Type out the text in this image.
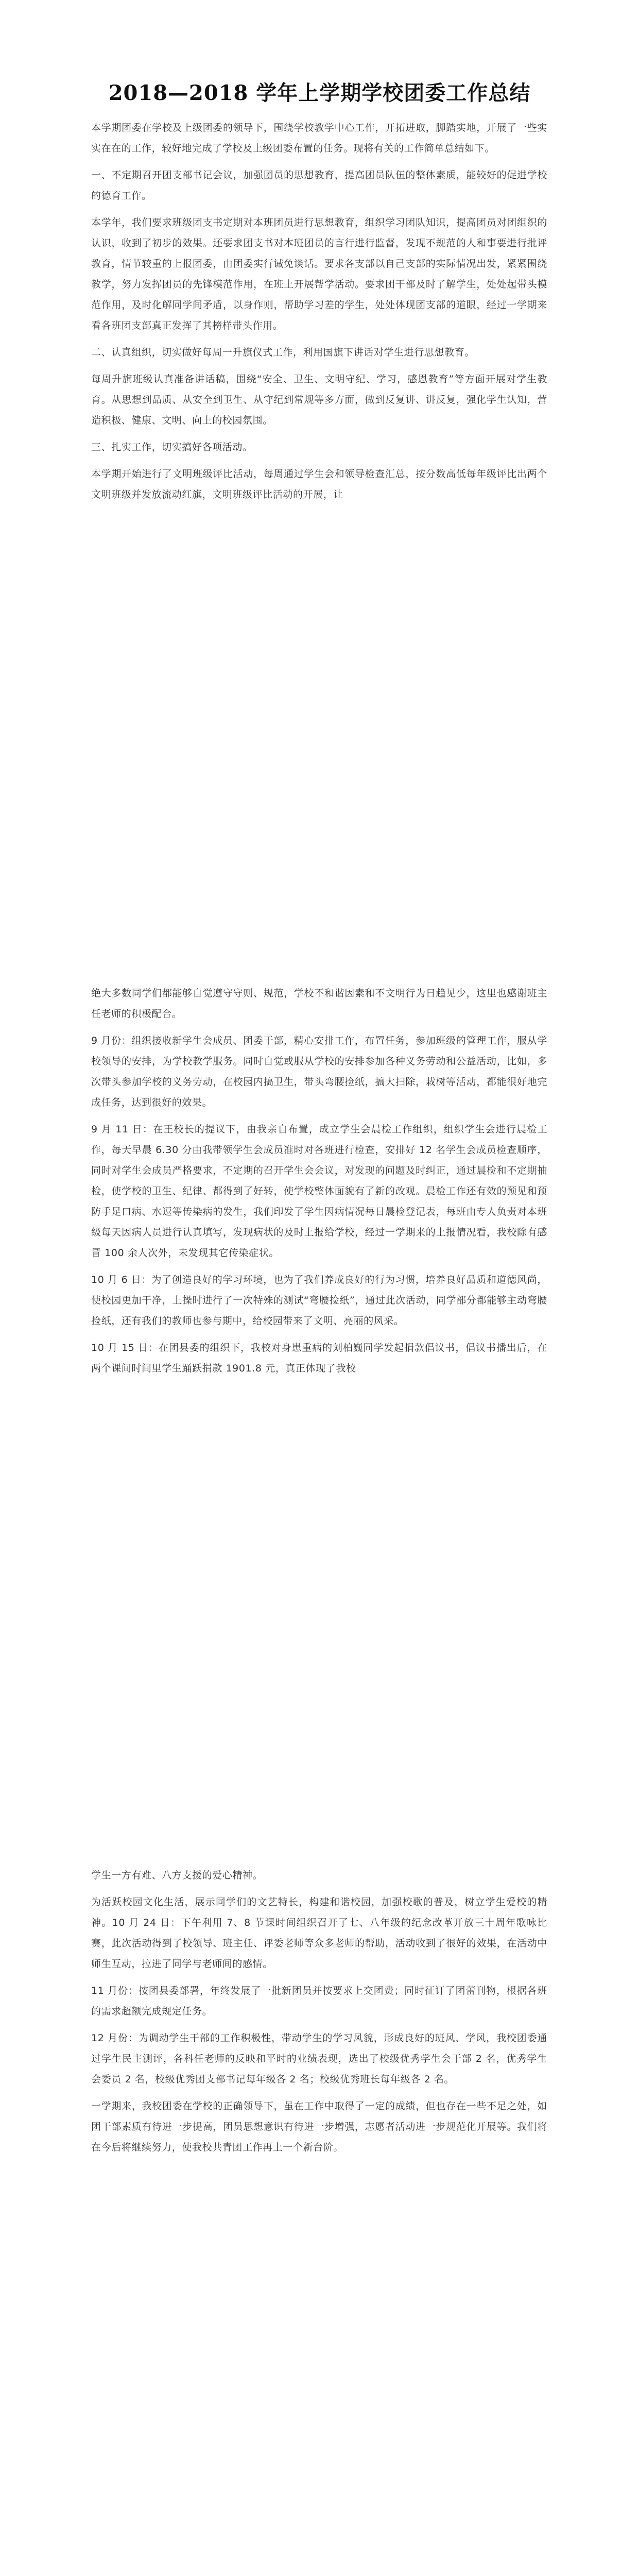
2018—2018 学年上学期学校团委工作总结

本学期团委在学校及上级团委的领导下，围绕学校教学中心工作，开拓进取，脚踏实地，开展了一些实实在在的工作，较好地完成了学校及上级团委布置的任务。现将有关的工作简单总结如下。

一、不定期召开团支部书记会议，加强团员的思想教育，提高团员队伍的整体素质，能较好的促进学校的德育工作。

本学年，我们要求班级团支书定期对本班团员进行思想教育，组织学习团队知识，提高团员对团组织的认识，收到了初步的效果。还要求团支书对本班团员的言行进行监督，发现不规范的人和事要进行批评教育，情节较重的上报团委，由团委实行诫免谈话。要求各支部以自己支部的实际情况出发，紧紧围绕教学，努力发挥团员的先锋模范作用，在班上开展帮学活动。要求团干部及时了解学生，处处起带头模范作用，及时化解同学间矛盾，以身作则，帮助学习差的学生，处处体现团支部的道眼，经过一学期来看各班团支部真正发挥了其榜样带头作用。

二、认真组织，切实做好每周一升旗仪式工作，利用国旗下讲话对学生进行思想教育。

每周升旗班级认真准备讲话稿，围绕“安全、卫生、文明守纪、学习，感恩教育”等方面开展对学生教育。从思想到品质、从安全到卫生、从守纪到常规等多方面，做到反复讲、讲反复，强化学生认知，营造积极、健康、文明、向上的校园氛围。

三、扎实工作，切实搞好各项活动。

本学期开始进行了文明班级评比活动，每周通过学生会和领导检查汇总，按分数高低每年级评比出两个文明班级并发放流动红旗，文明班级评比活动的开展，让

绝大多数同学们都能够自觉遵守守则、规范，学校不和谐因素和不文明行为日趋见少，这里也感谢班主任老师的积极配合。

9 月份：组织接收新学生会成员、团委干部，精心安排工作，布置任务，参加班级的管理工作，服从学校领导的安排，为学校教学服务。同时自觉或服从学校的安排参加各种义务劳动和公益活动，比如，多次带头参加学校的义务劳动，在校园内搞卫生，带头弯腰捡纸，搞大扫除，栽树等活动，都能很好地完成任务，达到很好的效果。

9 月 11 日：在王校长的提议下，由我亲自布置，成立学生会晨检工作组织，组织学生会进行晨检工作，每天早晨 6.30 分由我带领学生会成员准时对各班进行检查，安排好 12 名学生会成员检查顺序，同时对学生会成员严格要求，不定期的召开学生会会议，对发现的问题及时纠正，通过晨检和不定期抽检，使学校的卫生、纪律、都得到了好转，使学校整体面貌有了新的改观。晨检工作还有效的预见和预防手足口病、水逗等传染病的发生，我们印发了学生因病情况每日晨检登记表，每班由专人负责对本班级每天因病人员进行认真填写，发现病状的及时上报给学校，经过一学期来的上报情况看，我校除有感冒 100 余人次外，未发现其它传染症状。

10 月 6 日：为了创造良好的学习环境，也为了我们养成良好的行为习惯，培养良好品质和道德风尚，使校园更加干净，上操时进行了一次特殊的测试“弯腰捡纸”，通过此次活动，同学部分都能够主动弯腰捡纸，还有我们的教师也参与期中，给校园带来了文明、亮丽的风采。

10 月 15 日：在团县委的组织下，我校对身患重病的刘柏巍同学发起捐款倡议书，倡议书播出后，在两个课间时间里学生踊跃捐款 1901.8 元，真正体现了我校

学生一方有难、八方支援的爱心精神。

为活跃校园文化生活，展示同学们的文艺特长，构建和谐校园，加强校歌的普及，树立学生爱校的精神。10 月 24 日：下午利用 7、8 节课时间组织召开了七、八年级的纪念改革开放三十周年歌咏比赛，此次活动得到了校领导、班主任、评委老师等众多老师的帮助，活动收到了很好的效果，在活动中师生互动，拉进了同学与老师间的感情。

11 月份：按团县委部署，年终发展了一批新团员并按要求上交团费；同时征订了团蕾刊物，根据各班的需求超额完成规定任务。

12 月份：为调动学生干部的工作积极性，带动学生的学习风貌，形成良好的班风、学风，我校团委通过学生民主测评，各科任老师的反映和平时的业绩表现，选出了校级优秀学生会干部 2 名，优秀学生会委员 2 名，校级优秀团支部书记每年级各 2 名；校级优秀班长每年级各 2 名。

一学期来，我校团委在学校的正确领导下，虽在工作中取得了一定的成绩，但也存在一些不足之处，如团干部素质有待进一步提高，团员思想意识有待进一步增强，志愿者活动进一步规范化开展等。我们将在今后将继续努力，使我校共青团工作再上一个新台阶。
